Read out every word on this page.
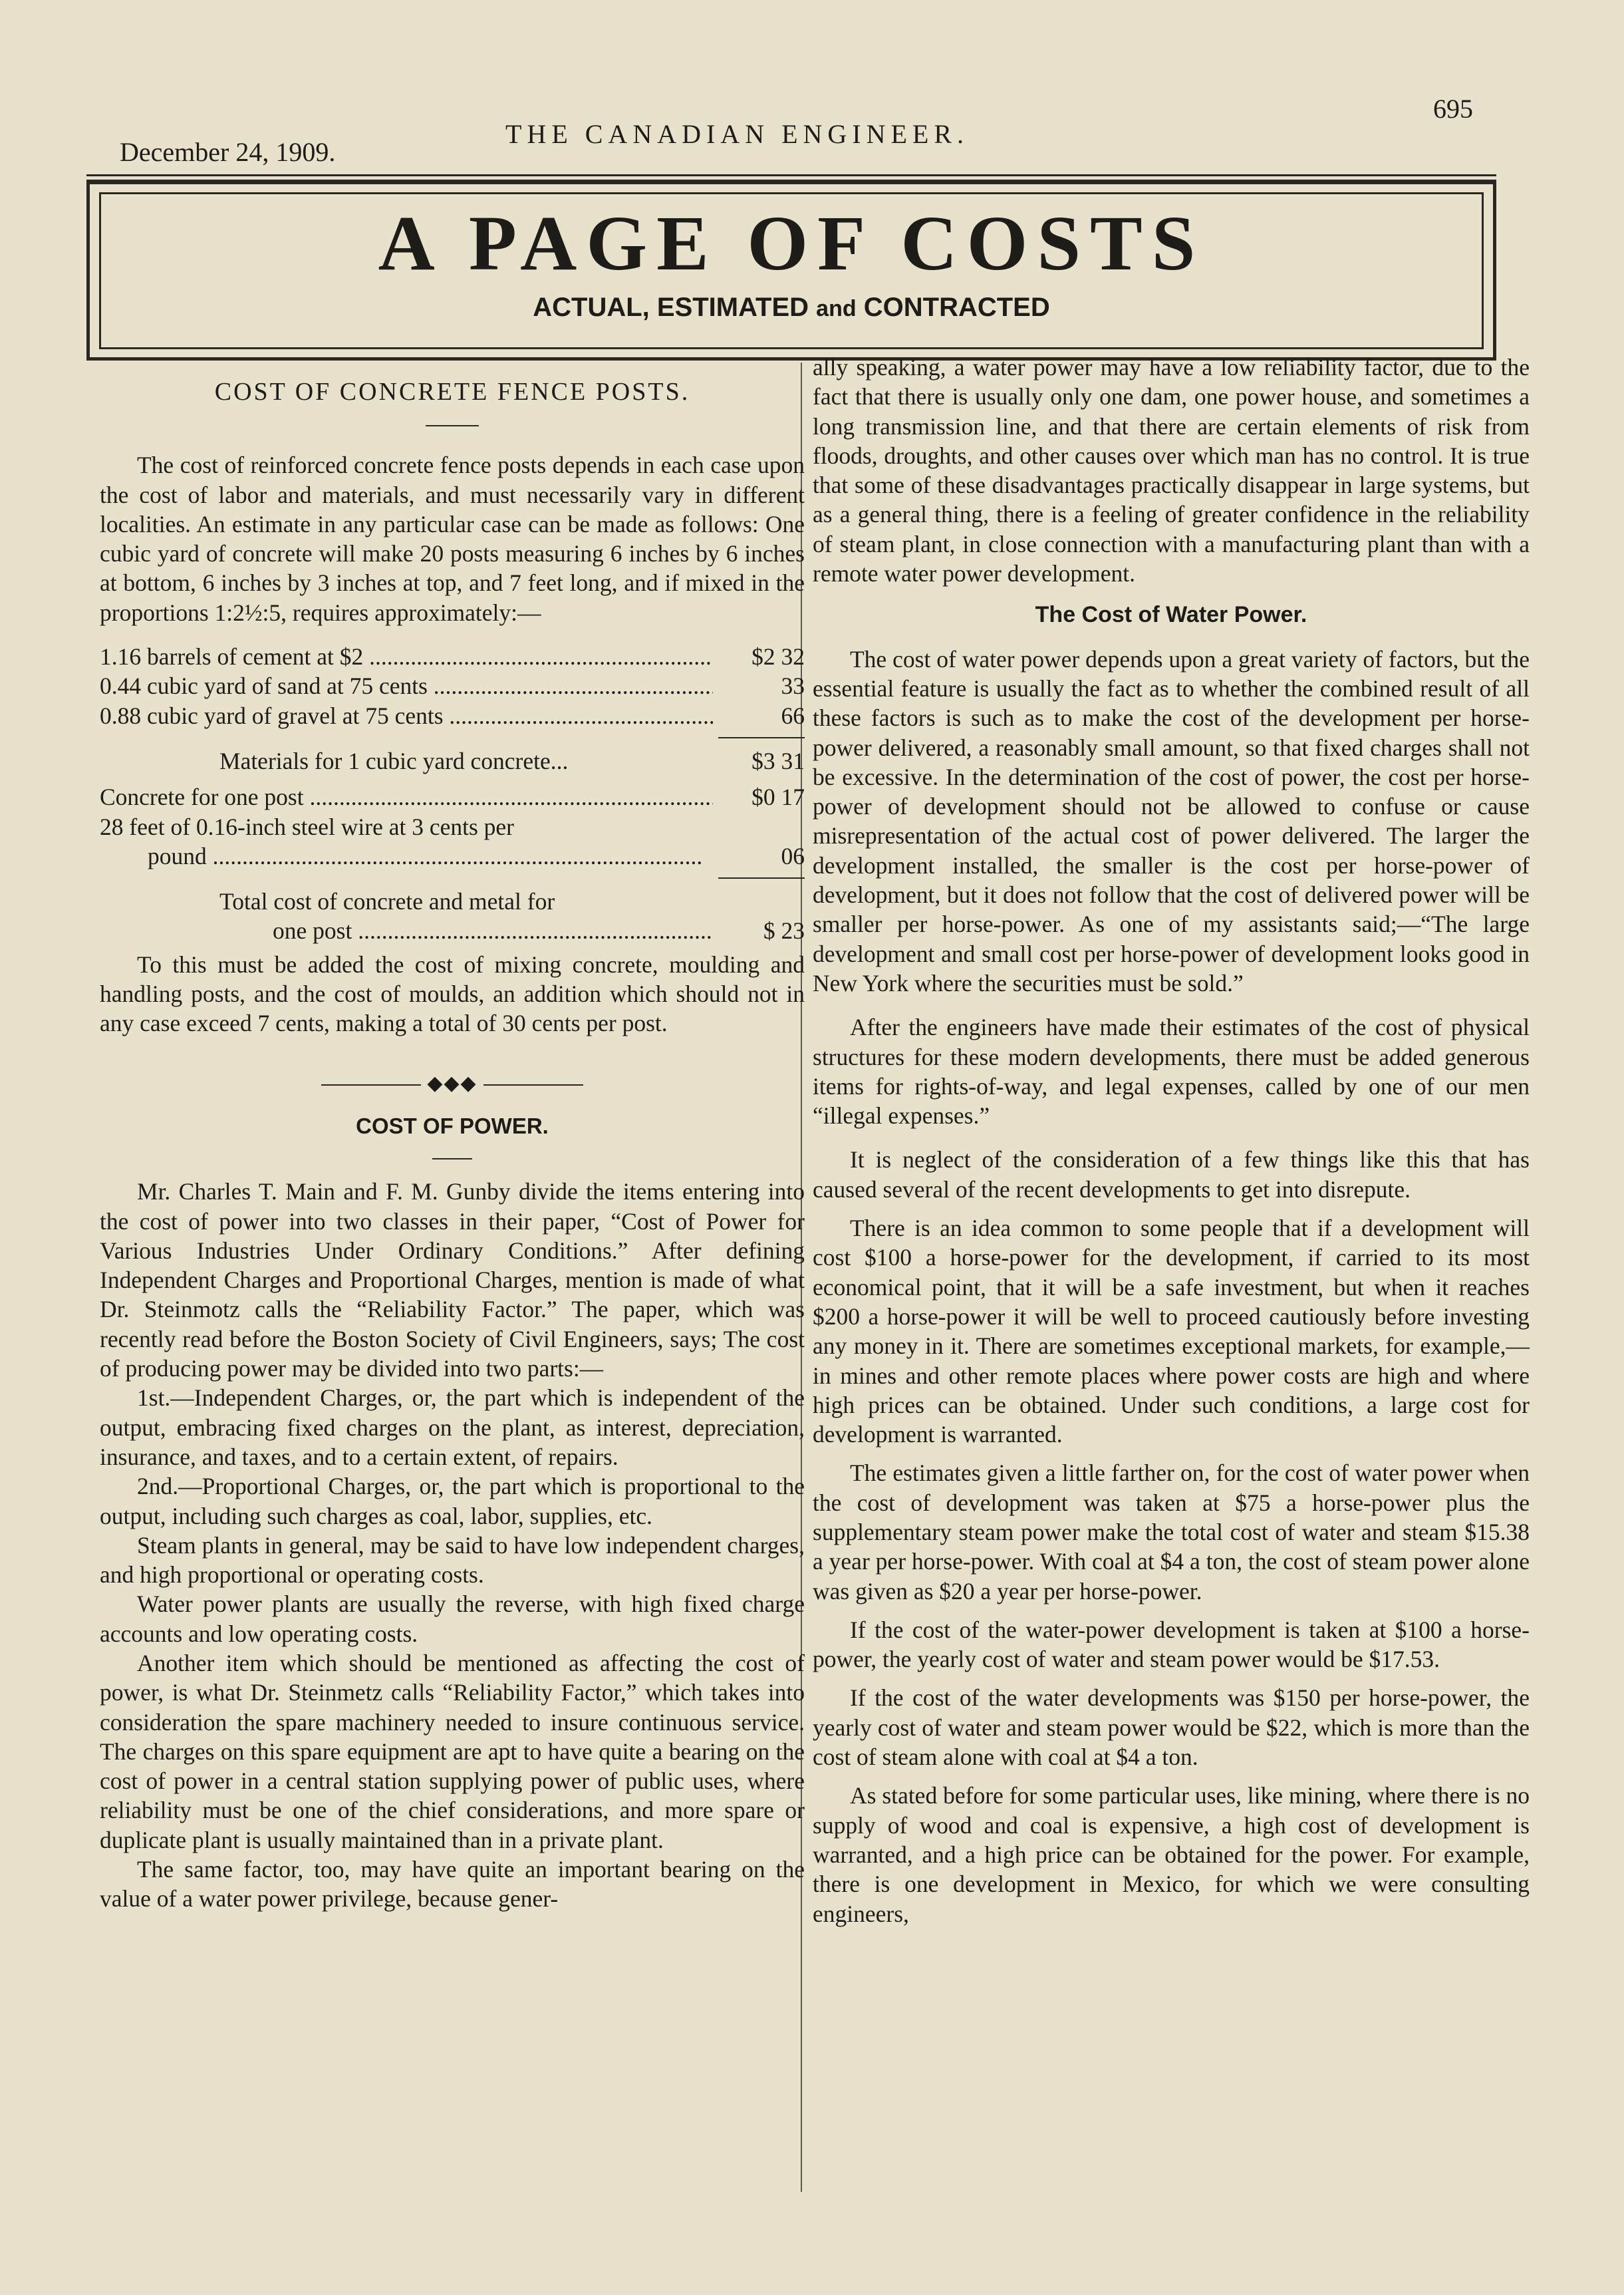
December 24, 1909.
THE CANADIAN ENGINEER.
695
A PAGE OF COSTS
ACTUAL, ESTIMATED and CONTRACTED
COST OF CONCRETE FENCE POSTS.

The cost of reinforced concrete fence posts depends in each case upon the cost of labor and materials, and must necessarily vary in different localities. An estimate in any particular case can be made as follows: One cubic yard of concrete will make 20 posts measuring 6 inches by 6 inches at bottom, 6 inches by 3 inches at top, and 7 feet long, and if mixed in the proportions 1:2½:5, requires approximately:—

1.16 barrels of cement at $2 .....	$2 32
0.44 cubic yard of sand at 75 cents .....	33
0.88 cubic yard of gravel at 75 cents .....	66
Materials for 1 cubic yard concrete...	$3 31
Concrete for one post .....	$0 17
28 feet of 0.16-inch steel wire at 3 cents per
pound .....	06
Total cost of concrete and metal for
one post .....	$ 23

To this must be added the cost of mixing concrete, moulding and handling posts, and the cost of moulds, an addition which should not in any case exceed 7 cents, making a total of 30 cents per post.

◆◆◆
COST OF POWER.

Mr. Charles T. Main and F. M. Gunby divide the items entering into the cost of power into two classes in their paper, “Cost of Power for Various Industries Under Ordinary Conditions.” After defining Independent Charges and Proportional Charges, mention is made of what Dr. Steinmotz calls the “Reliability Factor.” The paper, which was recently read before the Boston Society of Civil Engineers, says; The cost of producing power may be divided into two parts:—

1st.—Independent Charges, or, the part which is independent of the output, embracing fixed charges on the plant, as interest, depreciation, insurance, and taxes, and to a certain extent, of repairs.

2nd.—Proportional Charges, or, the part which is proportional to the output, including such charges as coal, labor, supplies, etc.

Steam plants in general, may be said to have low independent charges, and high proportional or operating costs.

Water power plants are usually the reverse, with high fixed charge accounts and low operating costs.

Another item which should be mentioned as affecting the cost of power, is what Dr. Steinmetz calls “Reliability Factor,” which takes into consideration the spare machinery needed to insure continuous service. The charges on this spare equipment are apt to have quite a bearing on the cost of power in a central station supplying power of public uses, where reliability must be one of the chief considerations, and more spare or duplicate plant is usually maintained than in a private plant.

The same factor, too, may have quite an important bearing on the value of a water power privilege, because gener-

ally speaking, a water power may have a low reliability factor, due to the fact that there is usually only one dam, one power house, and sometimes a long transmission line, and that there are certain elements of risk from floods, droughts, and other causes over which man has no control. It is true that some of these disadvantages practically disappear in large systems, but as a general thing, there is a feeling of greater confidence in the reliability of steam plant, in close connection with a manufacturing plant than with a remote water power development.

The Cost of Water Power.

The cost of water power depends upon a great variety of factors, but the essential feature is usually the fact as to whether the combined result of all these factors is such as to make the cost of the development per horse-power delivered, a reasonably small amount, so that fixed charges shall not be excessive. In the determination of the cost of power, the cost per horse-power of development should not be allowed to confuse or cause misrepresentation of the actual cost of power delivered. The larger the development installed, the smaller is the cost per horse-power of development, but it does not follow that the cost of delivered power will be smaller per horse-power. As one of my assistants said;—“The large development and small cost per horse-power of development looks good in New York where the securities must be sold.”

After the engineers have made their estimates of the cost of physical structures for these modern developments, there must be added generous items for rights-of-way, and legal expenses, called by one of our men “illegal expenses.”

It is neglect of the consideration of a few things like this that has caused several of the recent developments to get into disrepute.

There is an idea common to some people that if a development will cost $100 a horse-power for the development, if carried to its most economical point, that it will be a safe investment, but when it reaches $200 a horse-power it will be well to proceed cautiously before investing any money in it. There are sometimes exceptional markets, for example,—in mines and other remote places where power costs are high and where high prices can be obtained. Under such conditions, a large cost for development is warranted.

The estimates given a little farther on, for the cost of water power when the cost of development was taken at $75 a horse-power plus the supplementary steam power make the total cost of water and steam $15.38 a year per horse-power. With coal at $4 a ton, the cost of steam power alone was given as $20 a year per horse-power.

If the cost of the water-power development is taken at $100 a horse-power, the yearly cost of water and steam power would be $17.53.

If the cost of the water developments was $150 per horse-power, the yearly cost of water and steam power would be $22, which is more than the cost of steam alone with coal at $4 a ton.

As stated before for some particular uses, like mining, where there is no supply of wood and coal is expensive, a high cost of development is warranted, and a high price can be obtained for the power. For example, there is one development in Mexico, for which we were consulting engineers,
